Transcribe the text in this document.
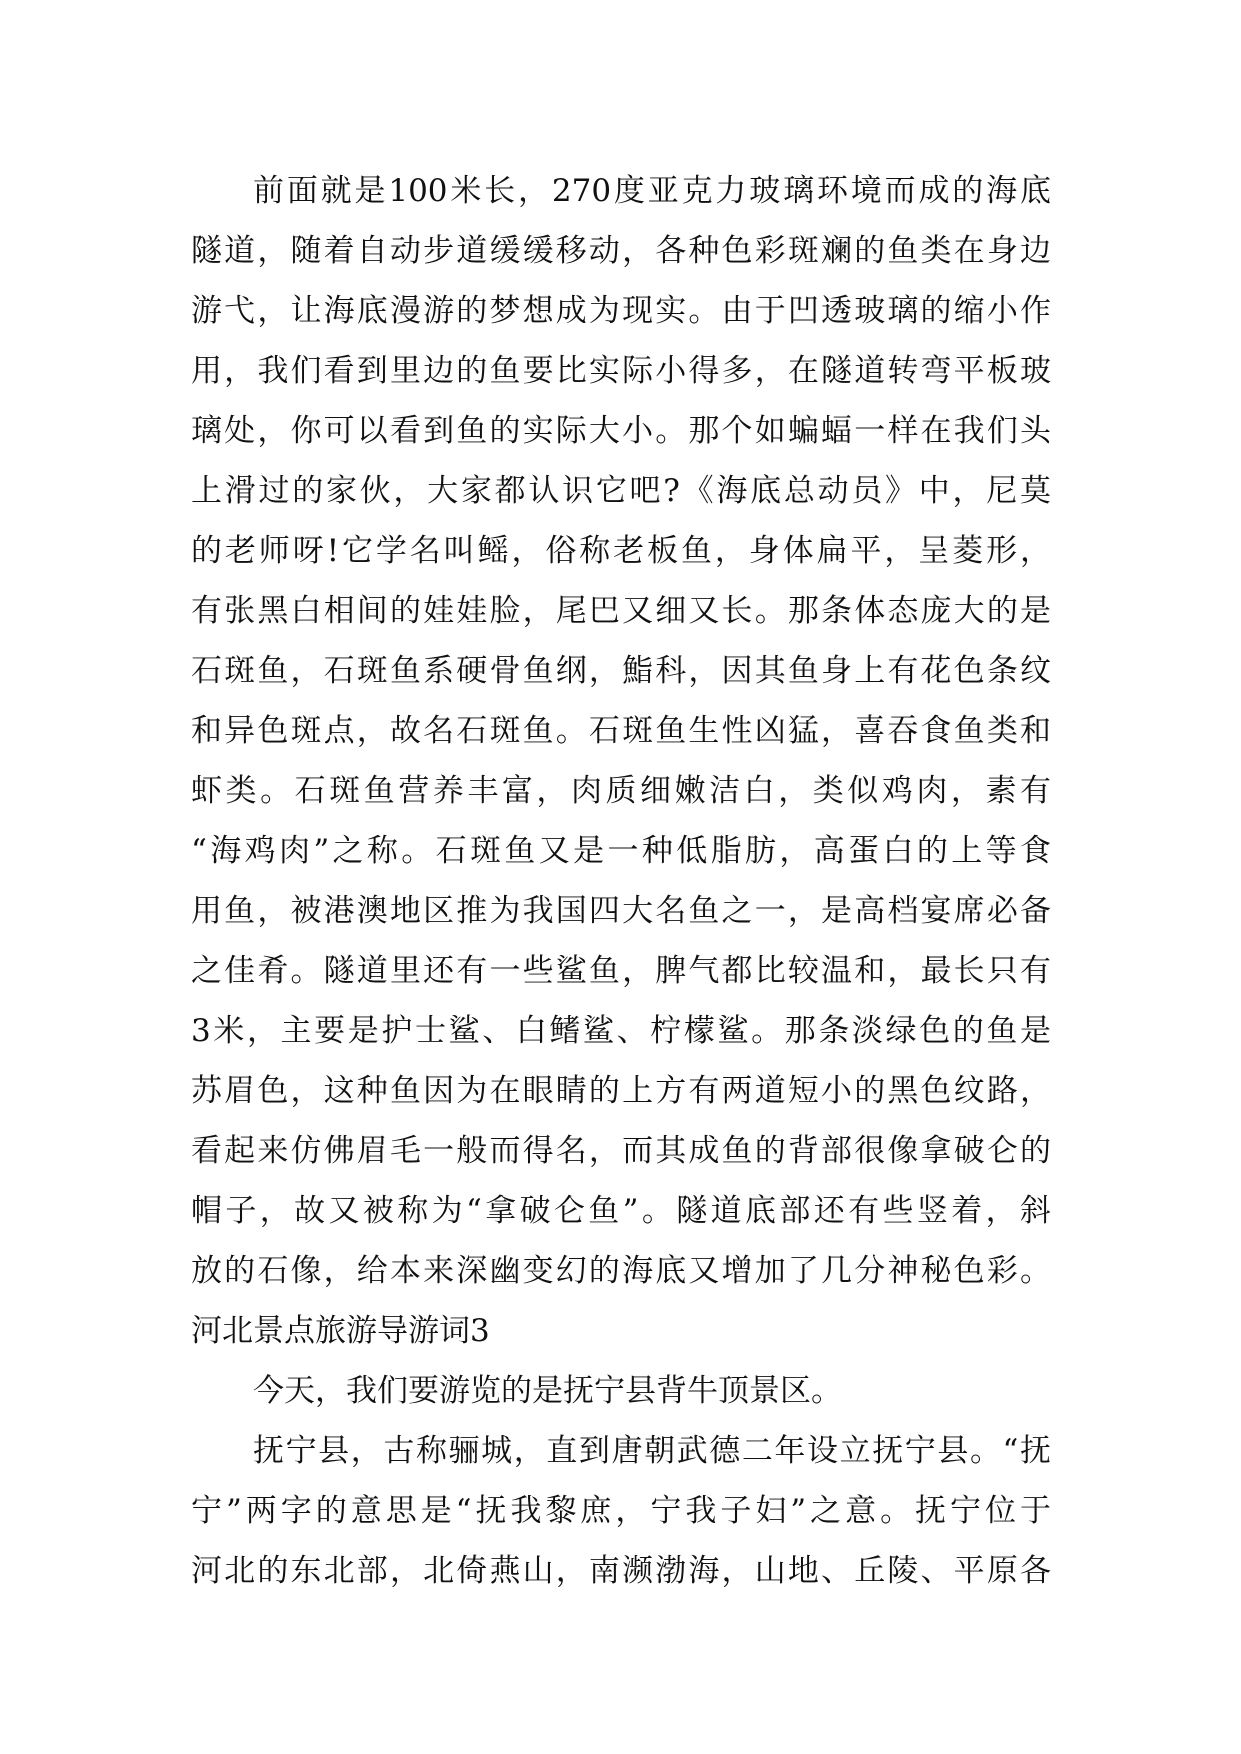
前面就是100米长，270度亚克力玻璃环境而成的海底
隧道，随着自动步道缓缓移动，各种色彩斑斓的鱼类在身边
游弋，让海底漫游的梦想成为现实。由于凹透玻璃的缩小作
用，我们看到里边的鱼要比实际小得多，在隧道转弯平板玻
璃处，你可以看到鱼的实际大小。那个如蝙蝠一样在我们头
上滑过的家伙，大家都认识它吧?《海底总动员》中，尼莫
的老师呀!它学名叫鳐，俗称老板鱼，身体扁平，呈菱形，
有张黑白相间的娃娃脸，尾巴又细又长。那条体态庞大的是
石斑鱼，石斑鱼系硬骨鱼纲，鮨科，因其鱼身上有花色条纹
和异色斑点，故名石斑鱼。石斑鱼生性凶猛，喜吞食鱼类和
虾类。石斑鱼营养丰富，肉质细嫩洁白，类似鸡肉，素有
“海鸡肉”之称。石斑鱼又是一种低脂肪，高蛋白的上等食
用鱼，被港澳地区推为我国四大名鱼之一，是高档宴席必备
之佳肴。隧道里还有一些鲨鱼，脾气都比较温和，最长只有
3米，主要是护士鲨、白鳍鲨、柠檬鲨。那条淡绿色的鱼是
苏眉色，这种鱼因为在眼睛的上方有两道短小的黑色纹路，
看起来仿佛眉毛一般而得名，而其成鱼的背部很像拿破仑的
帽子，故又被称为“拿破仑鱼”。隧道底部还有些竖着，斜
放的石像，给本来深幽变幻的海底又增加了几分神秘色彩。
河北景点旅游导游词3
今天，我们要游览的是抚宁县背牛顶景区。
抚宁县，古称骊城，直到唐朝武德二年设立抚宁县。“抚
宁”两字的意思是“抚我黎庶，宁我子妇”之意。抚宁位于
河北的东北部，北倚燕山，南濒渤海，山地、丘陵、平原各
